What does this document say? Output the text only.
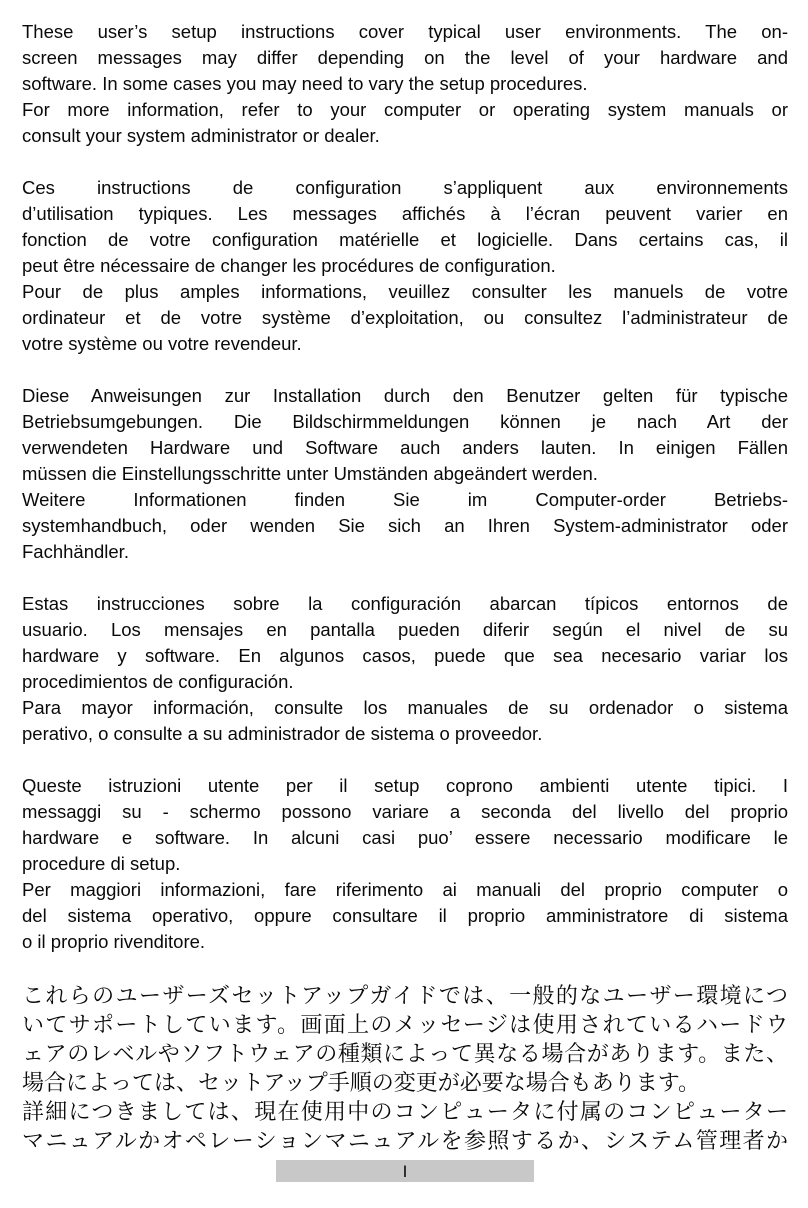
These user’s setup instructions cover typical user environments. The on-
screen messages may differ depending on the level of your hardware and
software. In some cases you may need to vary the setup procedures.
For more information, refer to your computer or operating system manuals or
consult your system administrator or dealer.
Ces instructions de configuration s’appliquent aux environnements
d’utilisation typiques. Les messages affichés à l’écran peuvent varier en
fonction de votre configuration matérielle et logicielle. Dans certains cas, il
peut être nécessaire de changer les procédures de configuration.
Pour de plus amples informations, veuillez consulter les manuels de votre
ordinateur et de votre système d’exploitation, ou consultez l’administrateur de
votre système ou votre revendeur.
Diese Anweisungen zur Installation durch den Benutzer gelten für typische
Betriebsumgebungen. Die Bildschirmmeldungen können je nach Art der
verwendeten Hardware und Software auch anders lauten. In einigen Fällen
müssen die Einstellungsschritte unter Umständen abgeändert werden.
Weitere Informationen finden Sie im Computer-order Betriebs-
systemhandbuch, oder wenden Sie sich an Ihren System-administrator oder
Fachhändler.
Estas instrucciones sobre la configuración abarcan típicos entornos de
usuario. Los mensajes en pantalla pueden diferir según el nivel de su
hardware y software. En algunos casos, puede que sea necesario variar los
procedimientos de configuración.
Para mayor información, consulte los manuales de su ordenador o sistema
perativo, o consulte a su administrador de sistema o proveedor.
Queste istruzioni utente per il setup coprono ambienti utente tipici. I
messaggi su - schermo possono variare a seconda del livello del proprio
hardware e software. In alcuni casi puo’ essere necessario modificare le
procedure di setup.
Per maggiori informazioni, fare riferimento ai manuali del proprio computer o
del sistema operativo, oppure consultare il proprio amministratore di sistema
o il proprio rivenditore.
これらのユーザーズセットアップガイドでは、一般的なユーザー環境につ
いてサポートしています。画面上のメッセージは使用されているハードウ
ェアのレベルやソフトウェアの種類によって異なる場合があります。また、
場合によっては、セットアップ手順の変更が必要な場合もあります。
詳細につきましては、現在使用中のコンピュータに付属のコンピューター
マニュアルかオペレーションマニュアルを参照するか、システム管理者か
I
